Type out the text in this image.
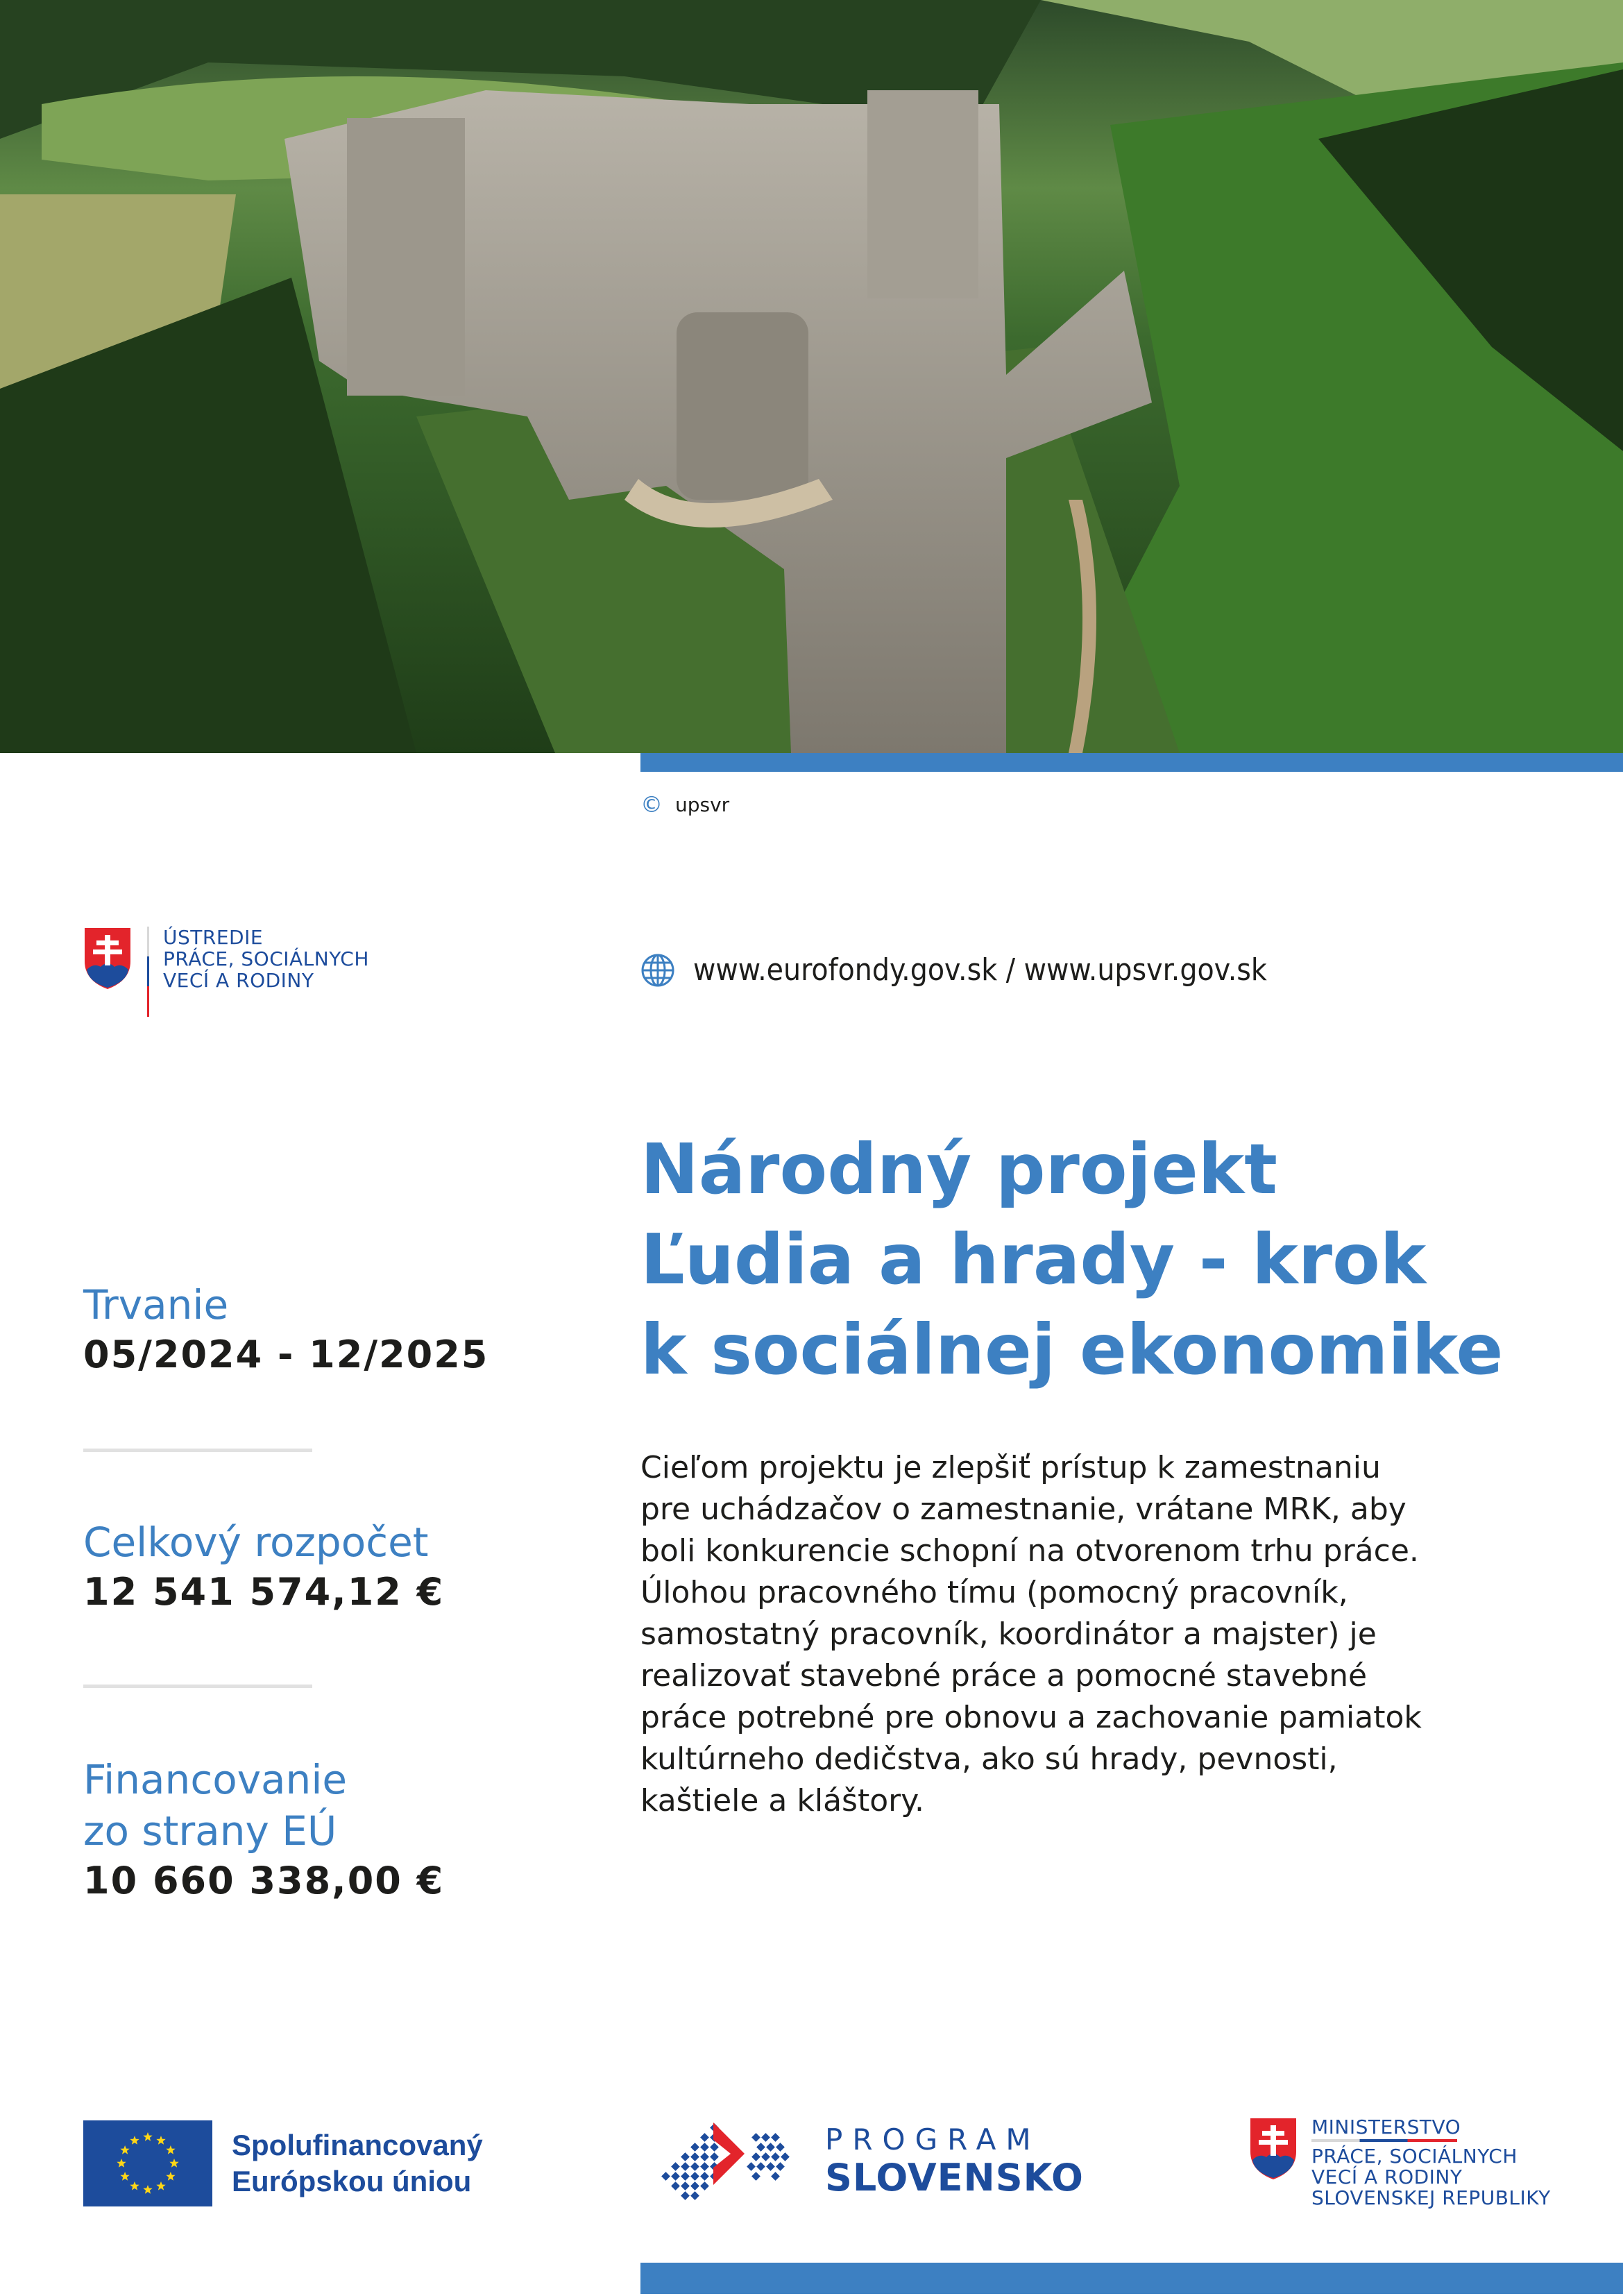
© upsvr
ÚSTREDIE
PRÁCE, SOCIÁLNYCH
VECÍ A RODINY	www.eurofondy.gov.sk / www.upsvr.gov.sk
Národný projekt
Ľudia a hrady - krok
k sociálnej ekonomike
Cieľom projektu je zlepšiť prístup k zamestnaniu
pre uchádzačov o zamestnanie, vrátane MRK, aby
boli konkurencie schopní na otvorenom trhu práce.
Úlohou pracovného tímu (pomocný pracovník,
samostatný pracovník, koordinátor a majster) je
realizovať stavebné práce a pomocné stavebné
práce potrebné pre obnovu a zachovanie pamiatok
kultúrneho dedičstva, ako sú hrady, pevnosti,
kaštiele a kláštory.
Trvanie
05/2024 - 12/2025
Celkový rozpočet
12 541 574,12 €
Financovanie
zo strany EÚ
10 660 338,00 €
Spolufinancovaný
Európskou úniou
PROGRAM
SLOVENSKO
MINISTERSTVO
PRÁCE, SOCIÁLNYCH
VECÍ A RODINY
SLOVENSKEJ REPUBLIKY
